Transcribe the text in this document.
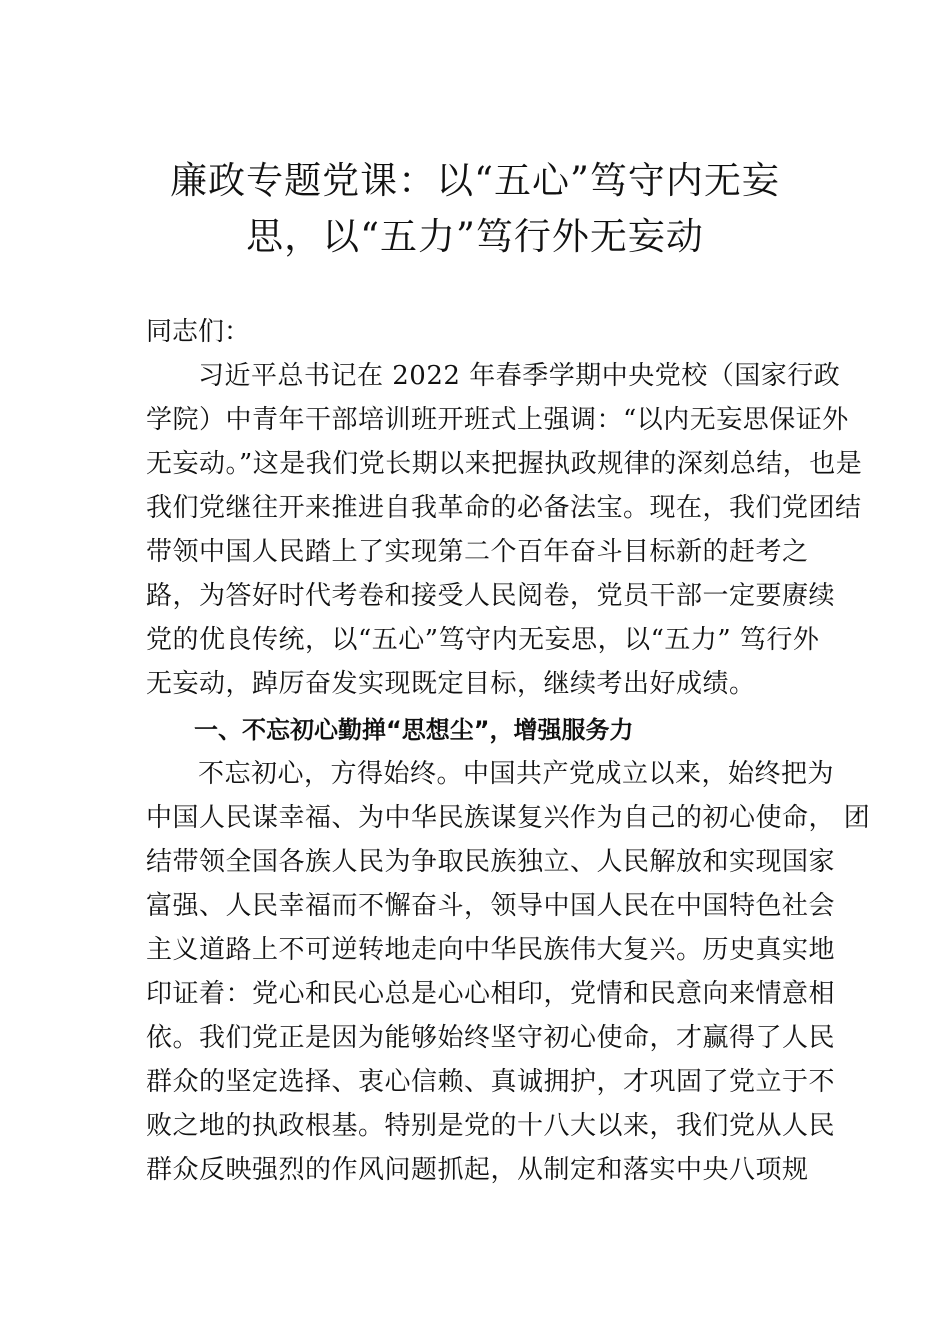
廉政专题党课：以“五心”笃守内无妄
思，以“五力”笃行外无妄动
同志们：
习近平总书记在 2022 年春季学期中央党校（国家行政
学院）中青年干部培训班开班式上强调：“以内无妄思保证外
无妄动。”这是我们党长期以来把握执政规律的深刻总结，也是
我们党继往开来推进自我革命的必备法宝。现在，我们党团结
带领中国人民踏上了实现第二个百年奋斗目标新的赶考之
路，为答好时代考卷和接受人民阅卷，党员干部一定要赓续
党的优良传统，以“五心”笃守内无妄思，以“五力” 笃行外
无妄动，踔厉奋发实现既定目标，继续考出好成绩。
一、不忘初心勤掸“思想尘”，增强服务力
不忘初心，方得始终。中国共产党成立以来，始终把为
中国人民谋幸福、为中华民族谋复兴作为自己的初心使命， 团
结带领全国各族人民为争取民族独立、人民解放和实现国家
富强、人民幸福而不懈奋斗，领导中国人民在中国特色社会
主义道路上不可逆转地走向中华民族伟大复兴。历史真实地
印证着：党心和民心总是心心相印，党情和民意向来情意相
依。我们党正是因为能够始终坚守初心使命，才赢得了人民
群众的坚定选择、衷心信赖、真诚拥护，才巩固了党立于不
败之地的执政根基。特别是党的十八大以来，我们党从人民
群众反映强烈的作风问题抓起，从制定和落实中央八项规
